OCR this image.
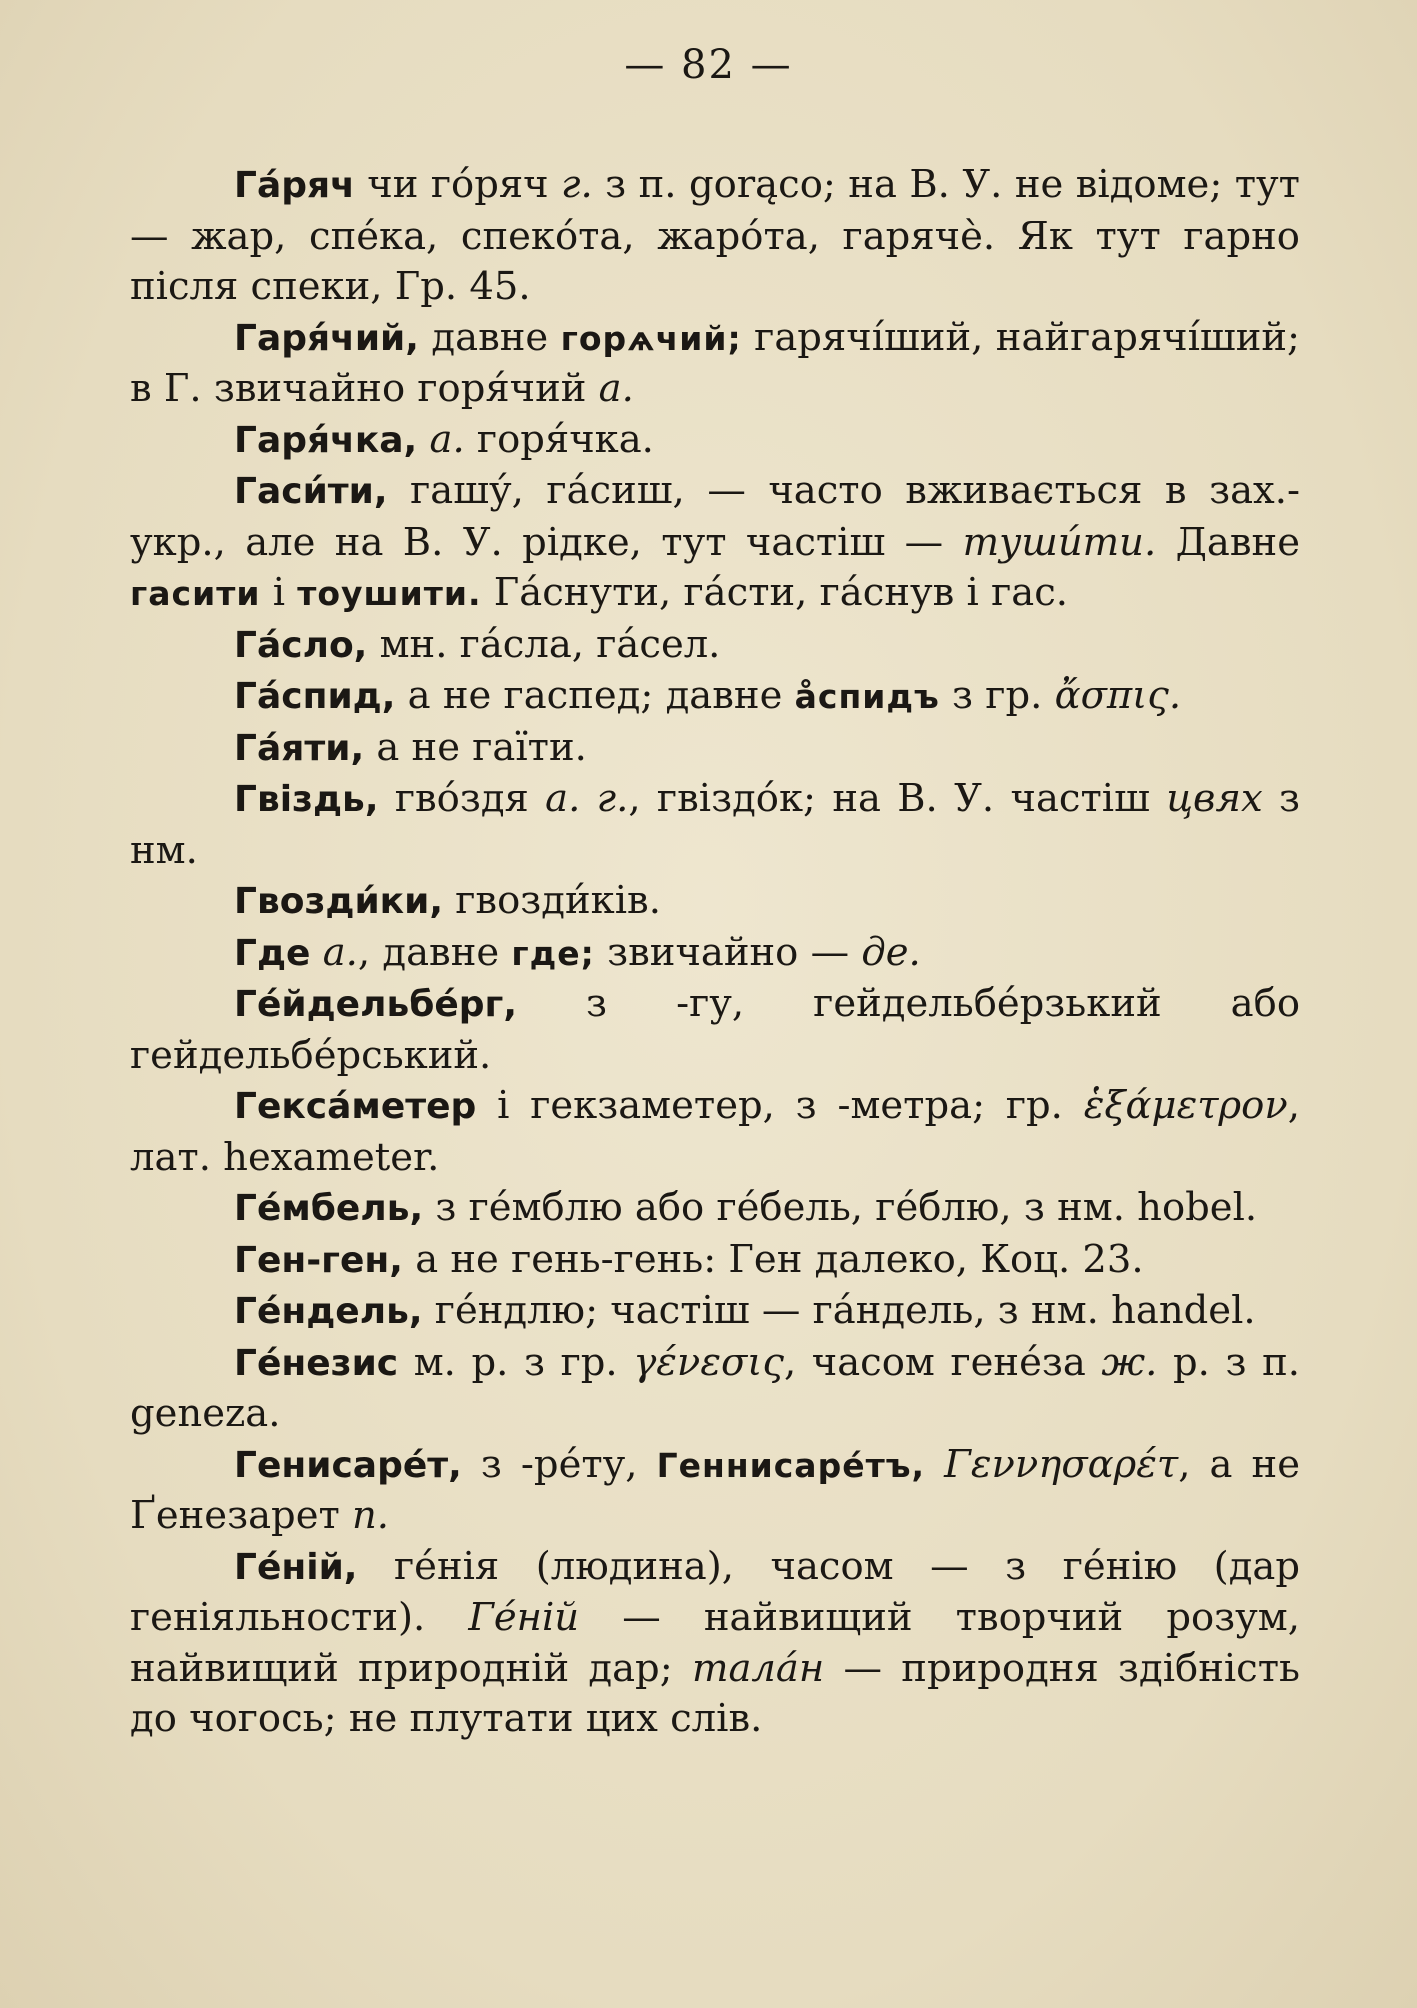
— 82 —

Гáряч чи гóряч г. з п. gorąco; на В. У. не відоме; тут — жар, спéка, спекóта, жарóта, гарячѐ. Як тут гарно після спеки, Гр. 45.

Гаря́чий, давне горѧчий; гарячі́ший, найгарячі́ший; в Г. звичайно горя́чий а.

Гаря́чка, а. горя́чка.

Гаси́ти, гашу́, гáсиш, — часто вживається в зах.-укр., але на В. У. рідке, тут частіш — тушúти. Давне гасити і тоушити. Гáснути, гáсти, гáснув і гас.

Гáсло, мн. гáсла, гáсел.

Гáспид, а не гаспед; давне а̊спидъ з гр. ἄσπις.

Гáяти, а не гаїти.

Гвіздь, гвóздя а. г., гвіздóк; на В. У. частіш цвях з нм.

Гвозди́ки, гвозди́ків.

Где а., давне где; звичайно — де.

Гéйдельбéрг, з -гу, гейдельбéрзький або гейдельбéрський.

Гексáметер і гекзаметер, з -метра; гр. ἑξάμετρον, лат. hexameter.

Гéмбель, з гéмблю або гéбель, гéблю, з нм. hobel.

Ген-ген, а не гень-гень: Ген далеко, Коц. 23.

Гéндель, гéндлю; частіш — гáндель, з нм. handel.

Гéнезис м. р. з гр. γένεσις, часом генéза ж. р. з п. geneza.

Генисарéт, з -рéту, Геннисарéтъ, Γεννησαρέτ, а не Ґенезарет п.

Гéній, гéнія (людина), часом — з гéнію (дар геніяльности). Гéній — найвищий творчий розум, найвищий природній дар; талáн — природня здібність до чогось; не плутати цих слів.
